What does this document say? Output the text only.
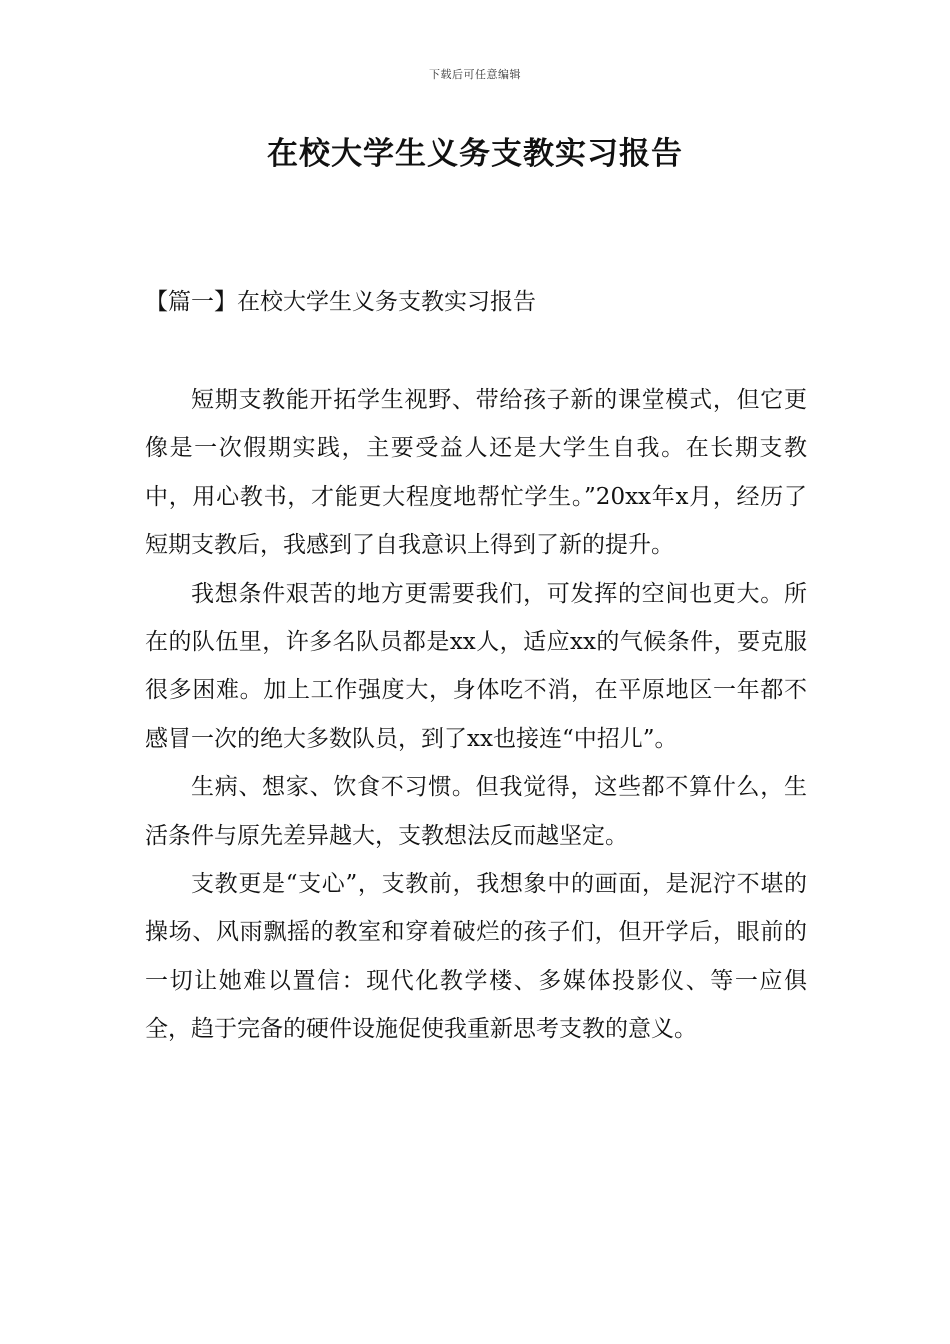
下载后可任意编辑
在校大学生义务支教实习报告
【篇一】在校大学生义务支教实习报告

短期支教能开拓学生视野、带给孩子新的课堂模式，但它更像是一次假期实践，主要受益人还是大学生自我。在长期支教中，用心教书，才能更大程度地帮忙学生。”20xx年x月，经历了短期支教后，我感到了自我意识上得到了新的提升。

我想条件艰苦的地方更需要我们，可发挥的空间也更大。所在的队伍里，许多名队员都是xx人，适应xx的气候条件，要克服很多困难。加上工作强度大，身体吃不消，在平原地区一年都不感冒一次的绝大多数队员，到了xx也接连“中招儿”。

生病、想家、饮食不习惯。但我觉得，这些都不算什么，生活条件与原先差异越大，支教想法反而越坚定。

支教更是“支心”，支教前，我想象中的画面，是泥泞不堪的操场、风雨飘摇的教室和穿着破烂的孩子们，但开学后，眼前的一切让她难以置信：现代化教学楼、多媒体投影仪、等一应俱全，趋于完备的硬件设施促使我重新思考支教的意义。
